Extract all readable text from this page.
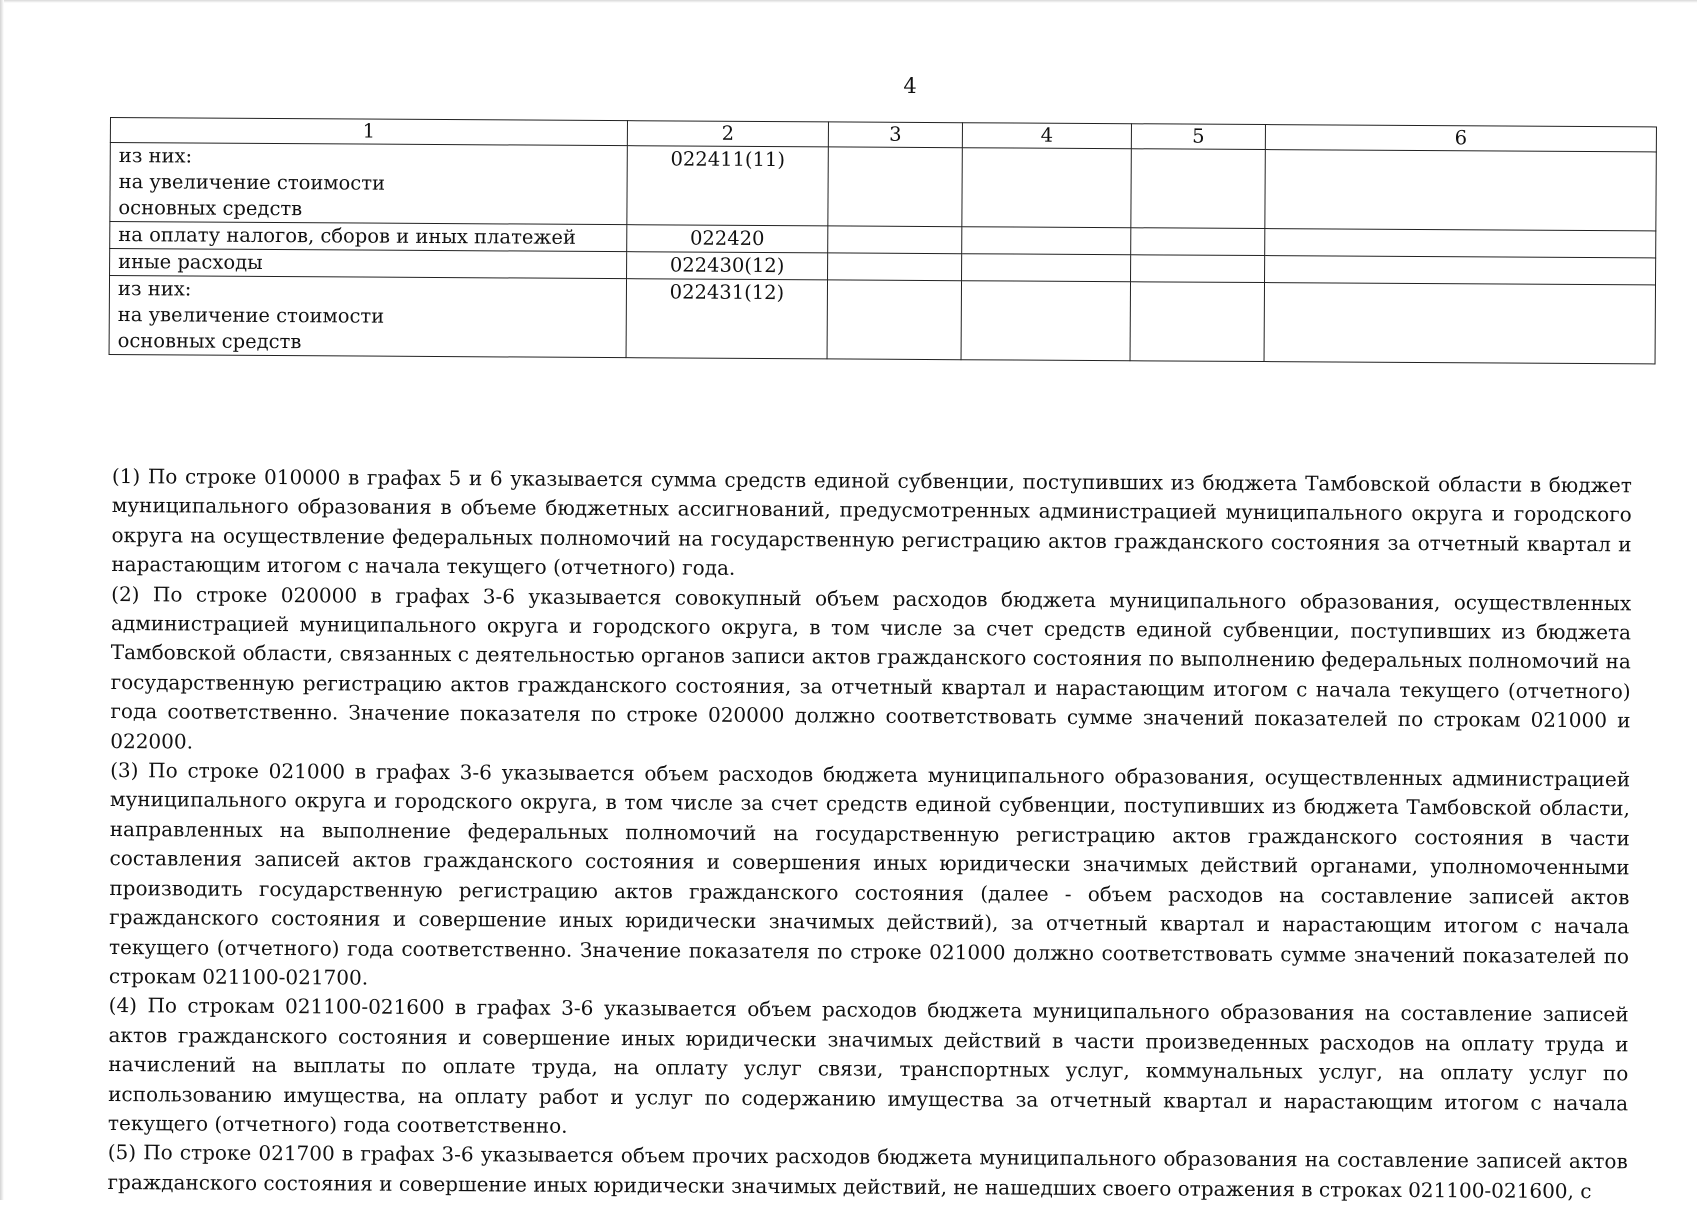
4
1	2	3	4	5	6

из них:
на увеличение стоимости
основных средств	022411(11)				

на оплату налогов, сборов и иных платежей	022420				

иные расходы	022430(12)				

из них:
на увеличение стоимости
основных средств	022431(12)				

(1) По строке 010000 в графах 5 и 6 указывается сумма средств единой субвенции, поступивших из бюджета Тамбовской области в бюджет муниципального образования в объеме бюджетных ассигнований, предусмотренных администрацией муниципального округа и городского округа на осуществление федеральных полномочий на государственную регистрацию актов гражданского состояния за отчетный квартал и нарастающим итогом с начала текущего (отчетного) года.

(2) По строке 020000 в графах 3-6 указывается совокупный объем расходов бюджета муниципального образования, осуществленных администрацией муниципального округа и городского округа, в том числе за счет средств единой субвенции, поступивших из бюджета Тамбовской области, связанных с деятельностью органов записи актов гражданского состояния по выполнению федеральных полномочий на государственную регистрацию актов гражданского состояния, за отчетный квартал и нарастающим итогом с начала текущего (отчетного) года соответственно. Значение показателя по строке 020000 должно соответствовать сумме значений показателей по строкам 021000 и 022000.

(3) По строке 021000 в графах 3-6 указывается объем расходов бюджета муниципального образования, осуществленных администрацией муниципального округа и городского округа, в том числе за счет средств единой субвенции, поступивших из бюджета Тамбовской области, направленных на выполнение федеральных полномочий на государственную регистрацию актов гражданского состояния в части составления записей актов гражданского состояния и совершения иных юридически значимых действий органами, уполномоченными производить государственную регистрацию актов гражданского состояния (далее - объем расходов на составление записей актов гражданского состояния и совершение иных юридически значимых действий), за отчетный квартал и нарастающим итогом с начала текущего (отчетного) года соответственно. Значение показателя по строке 021000 должно соответствовать сумме значений показателей по строкам 021100-021700.

(4) По строкам 021100-021600 в графах 3-6 указывается объем расходов бюджета муниципального образования на составление записей актов гражданского состояния и совершение иных юридически значимых действий в части произведенных расходов на оплату труда и начислений на выплаты по оплате труда, на оплату услуг связи, транспортных услуг, коммунальных услуг, на оплату услуг по использованию имущества, на оплату работ и услуг по содержанию имущества за отчетный квартал и нарастающим итогом с начала текущего (отчетного) года соответственно.

(5) По строке 021700 в графах 3-6 указывается объем прочих расходов бюджета муниципального образования на составление записей актов гражданского состояния и совершение иных юридически значимых действий, не нашедших своего отражения в строках 021100-021600, с
